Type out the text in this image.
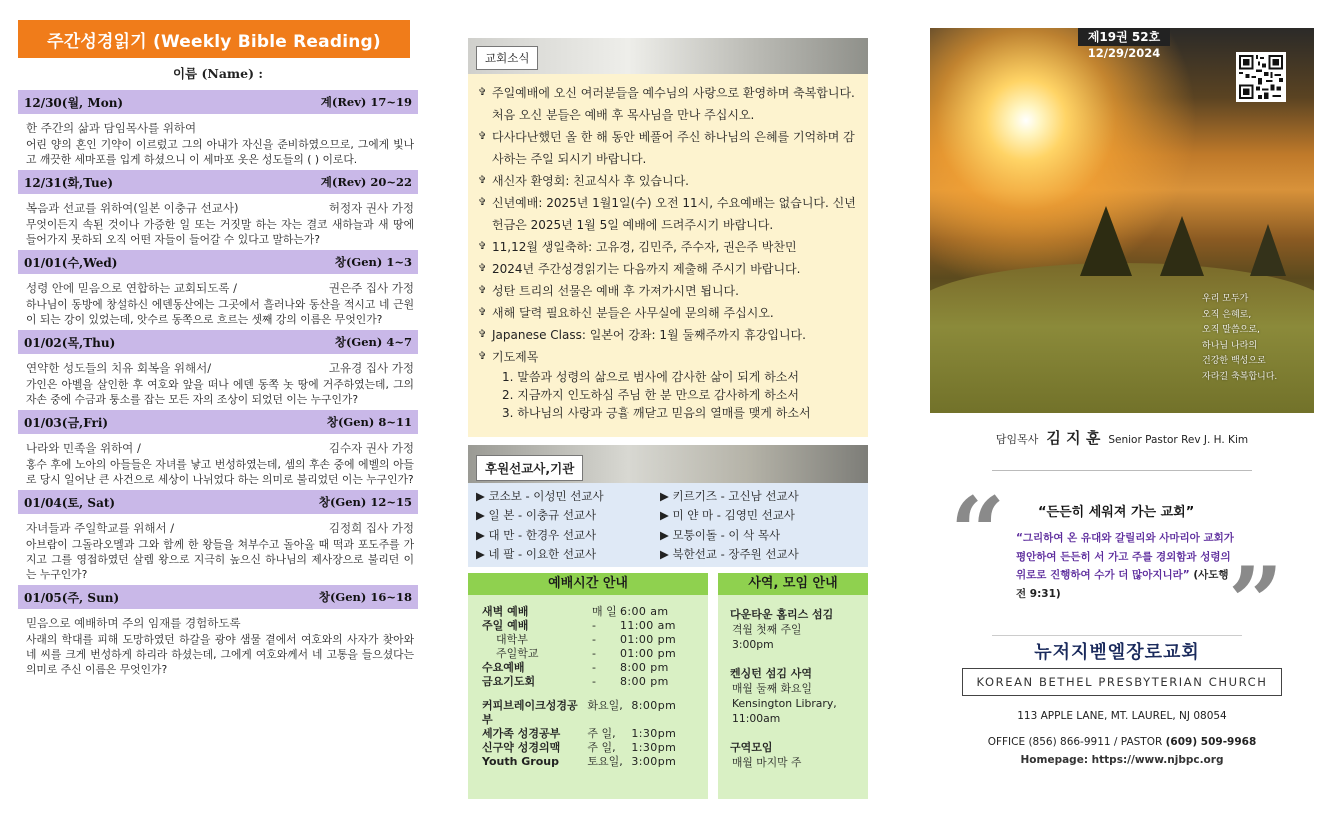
주간성경읽기 (Weekly Bible Reading)
이름 (Name) :
12/30(월, Mon)	계(Rev) 17~19
한 주간의 삶과 담임목사를 위하여
어린 양의 혼인 기약이 이르렀고 그의 아내가 자신을 준비하였으므로, 그에게 빛나고 깨끗한 세마포를 입게 하셨으니 이 세마포 옷은 성도들의 ( ) 이로다.
12/31(화,Tue)	계(Rev) 20~22
복음과 선교를 위하여(일본 이충규 선교사)	허정자 권사 가정
무엇이든지 속된 것이나 가증한 일 또는 거짓말 하는 자는 결코 새하늘과 새 땅에 들어가지 못하되 오직 어떤 자들이 들어갈 수 있다고 말하는가?
01/01(수,Wed)	창(Gen) 1~3
성령 안에 믿음으로 연합하는 교회되도록 /	권은주 집사 가정
하나님이 동방에 창설하신 에덴동산에는 그곳에서 흘러나와 동산을 적시고 네 근원이 되는 강이 있었는데, 앗수르 동쪽으로 흐르는 셋째 강의 이름은 무엇인가?
01/02(목,Thu)	창(Gen) 4~7
연약한 성도들의 치유 회복을 위해서/	고유경 집사 가정
가인은 아벨을 살인한 후 여호와 앞을 떠나 에덴 동쪽 놋 땅에 거주하였는데, 그의 자손 중에 수금과 퉁소를 잡는 모든 자의 조상이 되었던 이는 누구인가?
01/03(금,Fri)	창(Gen) 8~11
나라와 민족을 위하여 /	김수자 권사 가정
홍수 후에 노아의 아들들은 자녀를 낳고 번성하였는데, 셈의 후손 중에 에벨의 아들로 당시 일어난 큰 사건으로 세상이 나뉘었다 하는 의미로 불리었던 이는 누구인가?
01/04(토, Sat)	창(Gen) 12~15
자녀들과 주일학교를 위해서 /	김정희 집사 가정
아브람이 그돌라오멜과 그와 함께 한 왕들을 쳐부수고 돌아올 때 떡과 포도주를 가지고 그를 영접하였던 살렘 왕으로 지극히 높으신 하나님의 제사장으로 불리던 이는 누구인가?
01/05(주, Sun)	창(Gen) 16~18
믿음으로 예배하며 주의 임재를 경험하도록
사래의 학대를 피해 도망하였던 하갈을 광야 샘물 곁에서 여호와의 사자가 찾아와 네 씨를 크게 번성하게 하리라 하셨는데, 그에게 여호와께서 네 고통을 들으셨다는 의미로 주신 이름은 무엇인가?
교회소식
✞ 주일예배에 오신 여러분들을 예수님의 사랑으로 환영하며 축복합니다. 처음 오신 분들은 예배 후 목사님을 만나 주십시오.
✞ 다사다난했던 올 한 해 동안 베풀어 주신 하나님의 은혜를 기억하며 감사하는 주일 되시기 바랍니다.
✞ 새신자 환영회: 친교식사 후 있습니다.
✞ 신년예배: 2025년 1월1일(수) 오전 11시, 수요예배는 없습니다. 신년헌금은 2025년 1월 5일 예배에 드려주시기 바랍니다.
✞ 11,12월 생일축하: 고유경, 김민주, 주수자, 권은주 박찬민
✞ 2024년 주간성경읽기는 다음까지 제출해 주시기 바랍니다.
✞ 성탄 트리의 선물은 예배 후 가져가시면 됩니다.
✞ 새해 달력 필요하신 분들은 사무실에 문의해 주십시오.
✞ Japanese Class: 일본어 강좌: 1월 둘째주까지 휴강입니다.
✞ 기도제목
1. 말씀과 성령의 삶으로 범사에 감사한 삶이 되게 하소서
2. 지금까지 인도하심 주님 한 분 만으로 감사하게 하소서
3. 하나님의 사랑과 긍휼 깨닫고 믿음의 열매를 맺게 하소서
후원선교사,기관
▶ 코소보 - 이성민 선교사	▶ 키르기즈 - 고신남 선교사
▶ 일 본 - 이충규 선교사	▶ 미 얀 마 - 김영민 선교사
▶ 대 만 - 한경우 선교사	▶ 모퉁이돌 - 이 삭 목사
▶ 네 팔 - 이요한 선교사	▶ 북한선교 - 장주원 선교사
예배시간 안내
새벽 예배	매 일 6:00 am
주일 예배	-	11:00 am
대학부	-	01:00 pm
주일학교	-	01:00 pm
수요예배	-	8:00 pm
금요기도회	-	8:00 pm
커피브레이크성경공부
화요일, 8:00pm
세가족 성경공부	주 일,	1:30pm
신구약 성경의맥	주 일,	1:30pm
Youth Group	토요일, 3:00pm
사역, 모임 안내
다운타운 홈리스 섬김
격월 첫째 주일
3:00pm
켄싱턴 섬김 사역
매월 둘째 화요일
Kensington Library,
11:00am
구역모임
매월 마지막 주
제19권 52호
12/29/2024
우리 모두가
오직 은혜로,
오직 말씀으로,
하나님 나라의
건강한 백성으로
자라길 축복합니다.
담임목사 김 지 훈 Senior Pastor Rev J. H. Kim
“	“든든히 세워져 가는 교회”
“그리하여 온 유대와 갈릴리와 사마리아 교회가 평안하여 든든히 서 가고 주를 경외함과 성령의 위로로 진행하여 수가 더 많아지니라” (사도행전 9:31)	”
뉴저지벧엘장로교회
KOREAN BETHEL PRESBYTERIAN CHURCH
113 APPLE LANE, MT. LAUREL, NJ 08054
OFFICE (856) 866-9911 / PASTOR (609) 509-9968
Homepage: https://www.njbpc.org
